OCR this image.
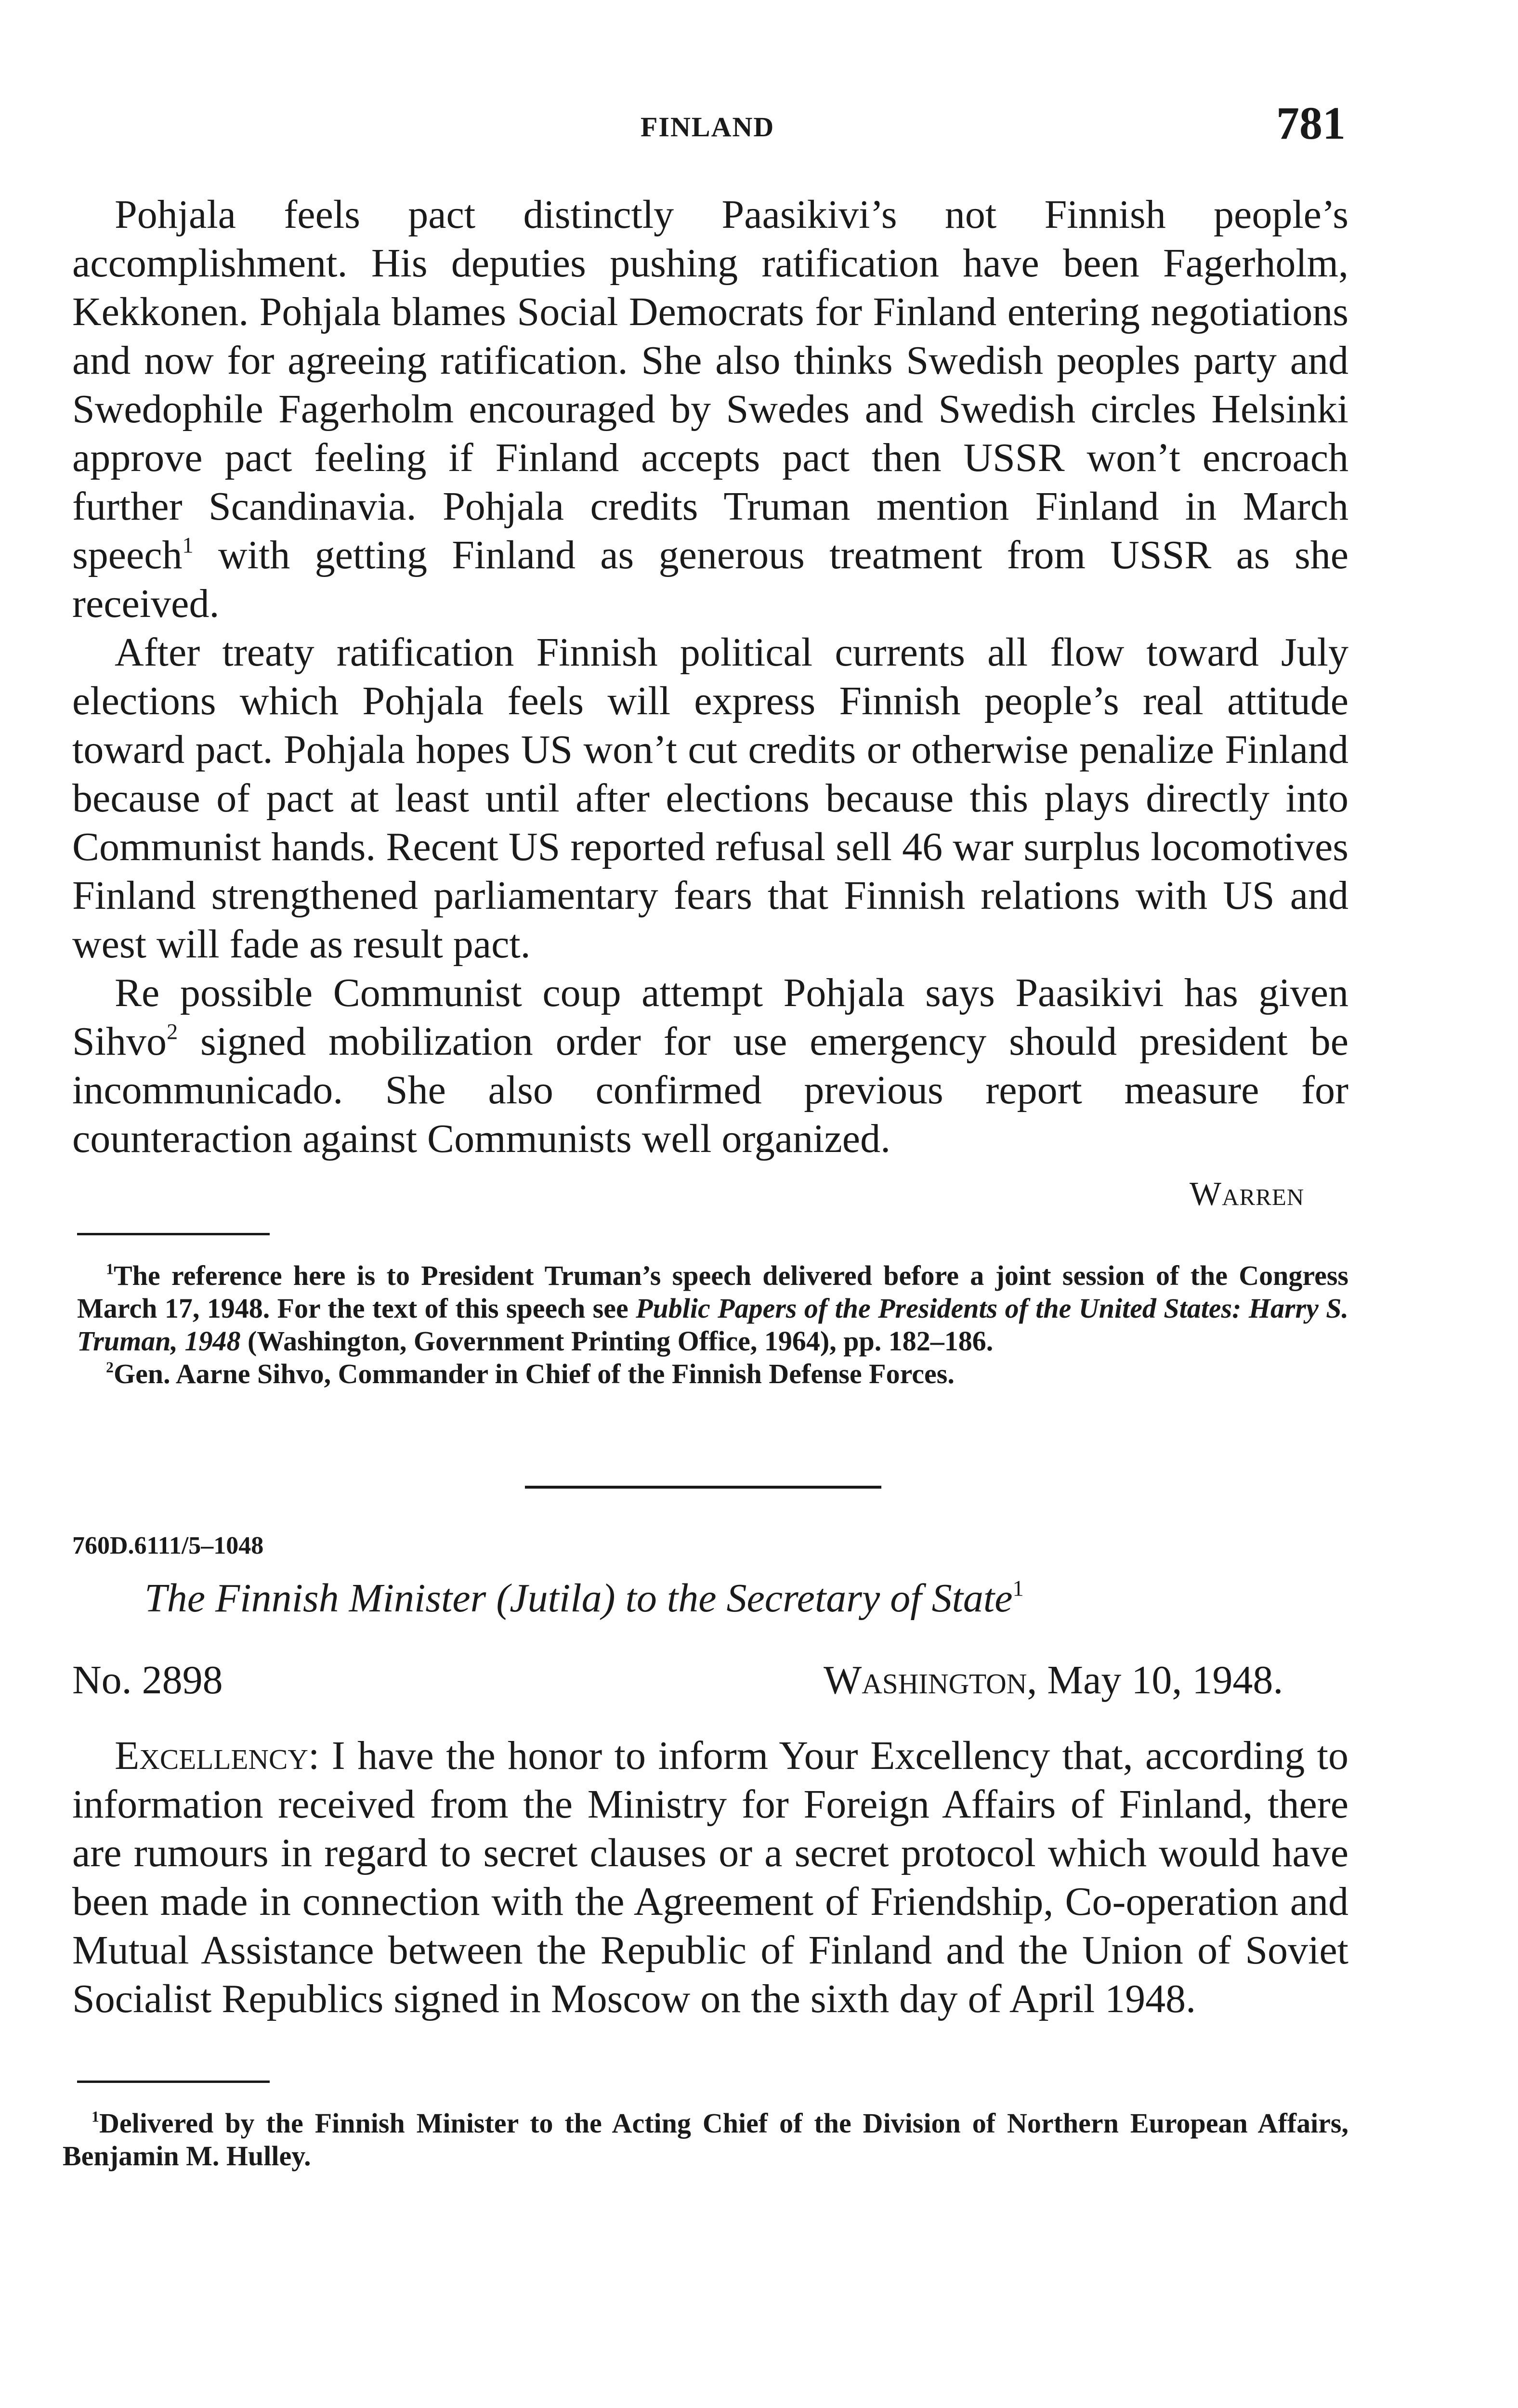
FINLAND	781

Pohjala feels pact distinctly Paasikivi’s not Finnish people’s accomplishment. His deputies pushing ratification have been Fagerholm, Kekkonen. Pohjala blames Social Democrats for Finland entering negotiations and now for agreeing ratification. She also thinks Swedish peoples party and Swedophile Fagerholm encouraged by Swedes and Swedish circles Helsinki approve pact feeling if Finland accepts pact then USSR won’t encroach further Scandinavia. Pohjala credits Truman mention Finland in March speech$^1$ with getting Finland as generous treatment from USSR as she received.

After treaty ratification Finnish political currents all flow toward July elections which Pohjala feels will express Finnish people’s real attitude toward pact. Pohjala hopes US won’t cut credits or otherwise penalize Finland because of pact at least until after elections because this plays directly into Communist hands. Recent US reported refusal sell 46 war surplus locomotives Finland strengthened parliamentary fears that Finnish relations with US and west will fade as result pact.

Re possible Communist coup attempt Pohjala says Paasikivi has given Sihvo$^2$ signed mobilization order for use emergency should president be incommunicado. She also confirmed previous report measure for counteraction against Communists well organized.

Warren

$^1$The reference here is to President Truman’s speech delivered before a joint session of the Congress March 17, 1948. For the text of this speech see Public Papers of the Presidents of the United States: Harry S. Truman, 1948 (Washington, Government Printing Office, 1964), pp. 182–186.

$^2$Gen. Aarne Sihvo, Commander in Chief of the Finnish Defense Forces.

760D.6111/5–1048
The Finnish Minister (Jutila) to the Secretary of State$^1$
No. 2898	Washington, May 10, 1948.

Excellency: I have the honor to inform Your Excellency that, according to information received from the Ministry for Foreign Affairs of Finland, there are rumours in regard to secret clauses or a secret protocol which would have been made in connection with the Agreement of Friendship, Co-operation and Mutual Assistance between the Republic of Finland and the Union of Soviet Socialist Republics signed in Moscow on the sixth day of April 1948.

$^1$Delivered by the Finnish Minister to the Acting Chief of the Division of Northern European Affairs, Benjamin M. Hulley.
